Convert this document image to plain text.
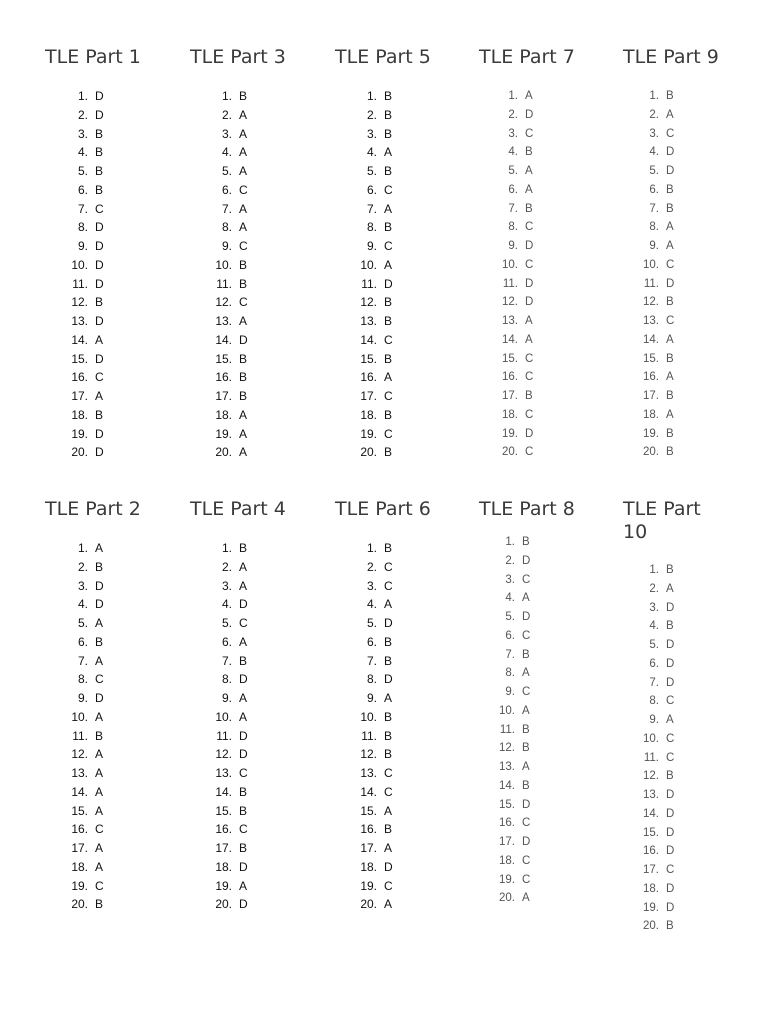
TLE Part 1
1. D
2. D
3. B
4. B
5. B
6. B
7. C
8. D
9. D
10. D
11. D
12. B
13. D
14. A
15. D
16. C
17. A
18. B
19. D
20. D
TLE Part 3
1. B
2. A
3. A
4. A
5. A
6. C
7. A
8. A
9. C
10. B
11. B
12. C
13. A
14. D
15. B
16. B
17. B
18. A
19. A
20. A
TLE Part 5
1. B
2. B
3. B
4. A
5. B
6. C
7. A
8. B
9. C
10. A
11. D
12. B
13. B
14. C
15. B
16. A
17. C
18. B
19. C
20. B
TLE Part 7
1. A
2. D
3. C
4. B
5. A
6. A
7. B
8. C
9. D
10. C
11. D
12. D
13. A
14. A
15. C
16. C
17. B
18. C
19. D
20. C
TLE Part 9
1. B
2. A
3. C
4. D
5. D
6. B
7. B
8. A
9. A
10. C
11. D
12. B
13. C
14. A
15. B
16. A
17. B
18. A
19. B
20. B
TLE Part 2
1. A
2. B
3. D
4. D
5. A
6. B
7. A
8. C
9. D
10. A
11. B
12. A
13. A
14. A
15. A
16. C
17. A
18. A
19. C
20. B
TLE Part 4
1. B
2. A
3. A
4. D
5. C
6. A
7. B
8. D
9. A
10. A
11. D
12. D
13. C
14. B
15. B
16. C
17. B
18. D
19. A
20. D
TLE Part 6
1. B
2. C
3. C
4. A
5. D
6. B
7. B
8. D
9. A
10. B
11. B
12. B
13. C
14. C
15. A
16. B
17. A
18. D
19. C
20. A
TLE Part 8
1. B
2. D
3. C
4. A
5. D
6. C
7. B
8. A
9. C
10. A
11. B
12. B
13. A
14. B
15. D
16. C
17. D
18. C
19. C
20. A
TLE Part 10
1. B
2. A
3. D
4. B
5. D
6. D
7. D
8. C
9. A
10. C
11. C
12. B
13. D
14. D
15. D
16. D
17. C
18. D
19. D
20. B
